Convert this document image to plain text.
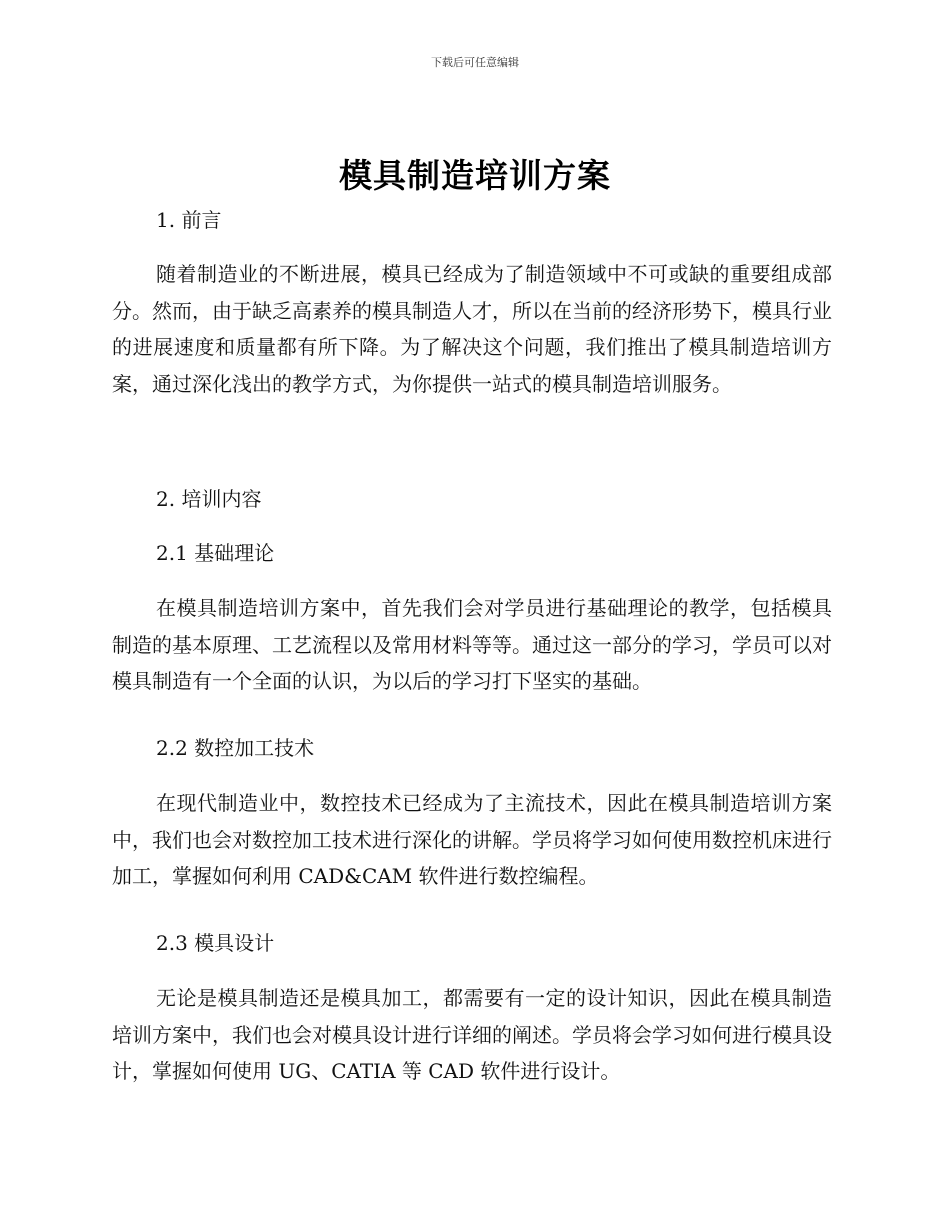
下载后可任意编辑
模具制造培训方案
1. 前言

随着制造业的不断进展，模具已经成为了制造领域中不可或缺的重要组成部分。然而，由于缺乏高素养的模具制造人才，所以在当前的经济形势下，模具行业的进展速度和质量都有所下降。为了解决这个问题，我们推出了模具制造培训方案，通过深化浅出的教学方式，为你提供一站式的模具制造培训服务。

2. 培训内容
2.1 基础理论

在模具制造培训方案中，首先我们会对学员进行基础理论的教学，包括模具制造的基本原理、工艺流程以及常用材料等等。通过这一部分的学习，学员可以对模具制造有一个全面的认识，为以后的学习打下坚实的基础。

2.2 数控加工技术

在现代制造业中，数控技术已经成为了主流技术，因此在模具制造培训方案中，我们也会对数控加工技术进行深化的讲解。学员将学习如何使用数控机床进行加工，掌握如何利用 CAD&CAM 软件进行数控编程。

2.3 模具设计

无论是模具制造还是模具加工，都需要有一定的设计知识，因此在模具制造培训方案中，我们也会对模具设计进行详细的阐述。学员将会学习如何进行模具设计，掌握如何使用 UG、CATIA 等 CAD 软件进行设计。
